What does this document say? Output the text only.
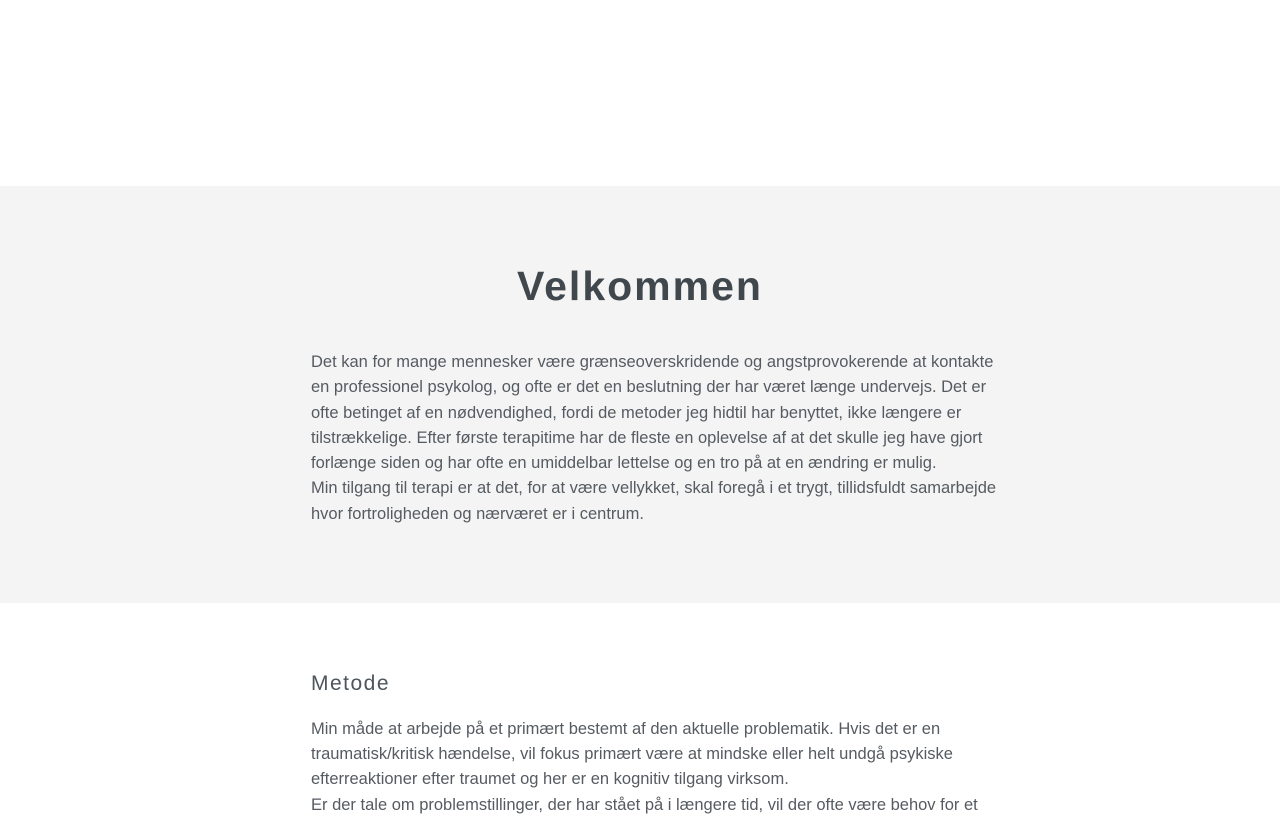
Velkommen
Det kan for mange mennesker være grænseoverskridende og angstprovokerende at kontakte
en professionel psykolog, og ofte er det en beslutning der har været længe undervejs. Det er
ofte betinget af en nødvendighed, fordi de metoder jeg hidtil har benyttet, ikke længere er
tilstrækkelige. Efter første terapitime har de fleste en oplevelse af at det skulle jeg have gjort
forlænge siden og har ofte en umiddelbar lettelse og en tro på at en ændring er mulig.
Min tilgang til terapi er at det, for at være vellykket, skal foregå i et trygt, tillidsfuldt samarbejde
hvor fortroligheden og nærværet er i centrum.
Metode
Min måde at arbejde på et primært bestemt af den aktuelle problematik. Hvis det er en
traumatisk/kritisk hændelse, vil fokus primært være at mindske eller helt undgå psykiske
efterreaktioner efter traumet og her er en kognitiv tilgang virksom.
Er der tale om problemstillinger, der har stået på i længere tid, vil der ofte være behov for et
